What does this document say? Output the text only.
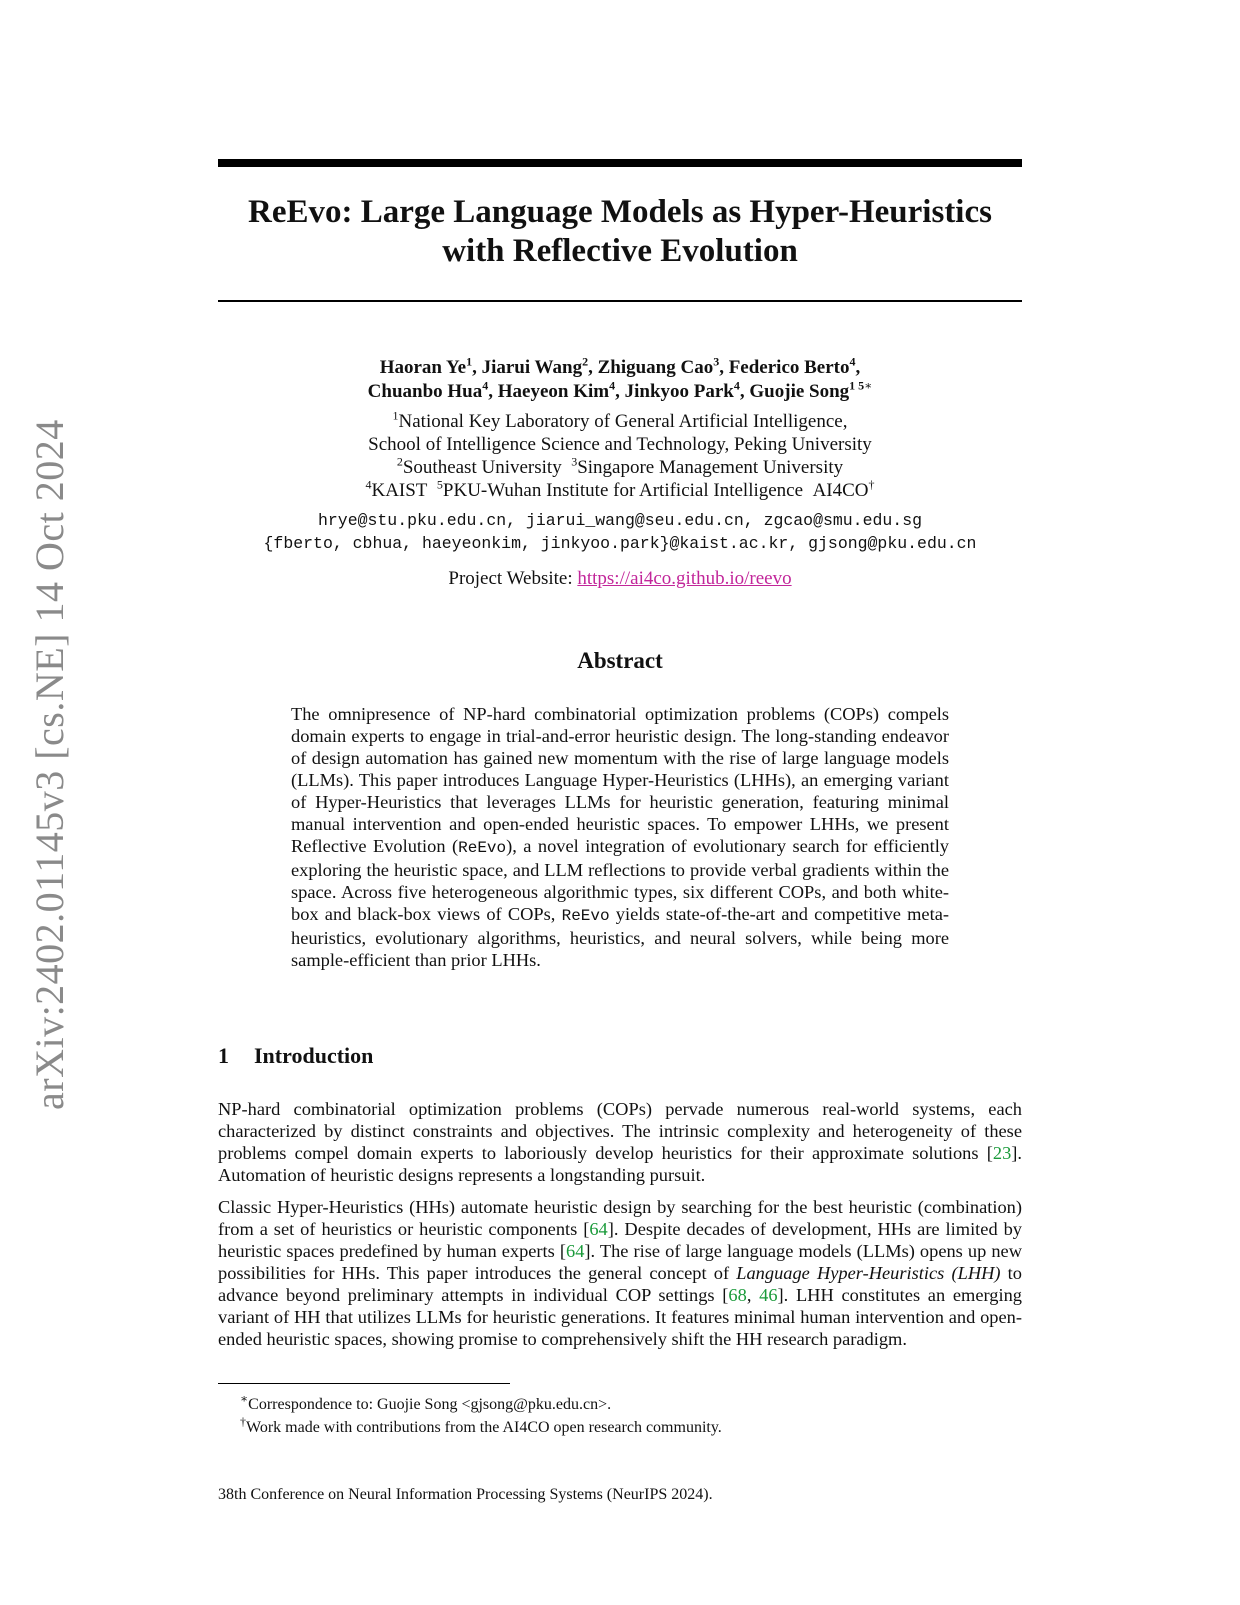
arXiv:2402.01145v3 [cs.NE] 14 Oct 2024
ReEvo: Large Language Models as Hyper-Heuristics
with Reflective Evolution
Haoran Ye$^1$, Jiarui Wang$^2$, Zhiguang Cao$^3$, Federico Berto$^4$,
Chuanbo Hua$^4$, Haeyeon Kim$^4$, Jinkyoo Park$^4$, Guojie Song$^{1 5∗}$
$^1$National Key Laboratory of General Artificial Intelligence,
School of Intelligence Science and Technology, Peking University
$^2$Southeast University $^3$Singapore Management University
$^4$KAIST $^5$PKU-Wuhan Institute for Artificial Intelligence AI4CO†
hrye@stu.pku.edu.cn, jiarui_wang@seu.edu.cn, zgcao@smu.edu.sg
{fberto, cbhua, haeyeonkim, jinkyoo.park}@kaist.ac.kr, gjsong@pku.edu.cn
Project Website: https://ai4co.github.io/reevo
Abstract
The omnipresence of NP-hard combinatorial optimization problems (COPs) compels domain experts to engage in trial-and-error heuristic design. The long-standing endeavor of design automation has gained new momentum with the rise of large language models (LLMs). This paper introduces Language Hyper-Heuristics (LHHs), an emerging variant of Hyper-Heuristics that leverages LLMs for heuristic generation, featuring minimal manual intervention and open-ended heuristic spaces. To empower LHHs, we present Reflective Evolution (ReEvo), a novel integration of evolutionary search for efficiently exploring the heuristic space, and LLM reflections to provide verbal gradients within the space. Across five heterogeneous algorithmic types, six different COPs, and both white-box and black-box views of COPs, ReEvo yields state-of-the-art and competitive meta-heuristics, evolutionary algorithms, heuristics, and neural solvers, while being more sample-efficient than prior LHHs.
1 Introduction
NP-hard combinatorial optimization problems (COPs) pervade numerous real-world systems, each characterized by distinct constraints and objectives. The intrinsic complexity and heterogeneity of these problems compel domain experts to laboriously develop heuristics for their approximate solutions [23]. Automation of heuristic designs represents a longstanding pursuit.
Classic Hyper-Heuristics (HHs) automate heuristic design by searching for the best heuristic (combination) from a set of heuristics or heuristic components [64]. Despite decades of development, HHs are limited by heuristic spaces predefined by human experts [64]. The rise of large language models (LLMs) opens up new possibilities for HHs. This paper introduces the general concept of Language Hyper-Heuristics (LHH) to advance beyond preliminary attempts in individual COP settings [68, 46]. LHH constitutes an emerging variant of HH that utilizes LLMs for heuristic generations. It features minimal human intervention and open-ended heuristic spaces, showing promise to comprehensively shift the HH research paradigm.
∗Correspondence to: Guojie Song <gjsong@pku.edu.cn>.
†Work made with contributions from the AI4CO open research community.
38th Conference on Neural Information Processing Systems (NeurIPS 2024).
